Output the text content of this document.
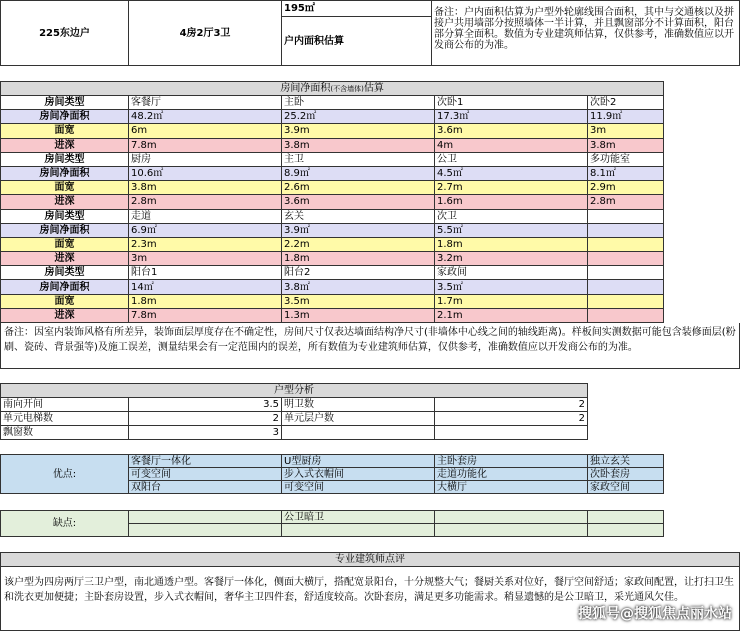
225东边户	4房2厅3卫	195㎡	备注：户内面积估算为户型外轮廓线围合面积，其中与交通核以及拼接户共用墙部分按照墙体一半计算，并且飘窗部分不计算面积，阳台部分算全面积。数值为专业建筑师估算，仅供参考，准确数值应以开发商公布的为准。
户内面积估算
房间净面积(不含墙体)估算					
房间类型	客餐厅	主卧	次卧1	次卧2	
房间净面积	48.2㎡	25.2㎡	17.3㎡	11.9㎡	
面宽	6m	3.9m	3.6m	3m	
进深	7.8m	3.8m	4m	3.8m	
房间类型	厨房	主卫	公卫	多功能室	
房间净面积	10.6㎡	8.9㎡	4.5㎡	8.1㎡	
面宽	3.8m	2.6m	2.7m	2.9m	
进深	2.8m	3.6m	1.6m	2.8m	
房间类型	走道	玄关	次卫		
房间净面积	6.9㎡	3.9㎡	5.5㎡		
面宽	2.3m	2.2m	1.8m		
进深	3m	1.8m	3.2m		
房间类型	阳台1	阳台2	家政间		
房间净面积	14㎡	3.8㎡	3.5㎡		
面宽	1.8m	3.5m	1.7m		
进深	7.8m	1.3m	2.1m		
备注：因室内装饰风格有所差异，装饰面层厚度存在不确定性，房间尺寸仅表达墙面结构净尺寸(非墙体中心线之间的轴线距离)。样板间实测数据可能包含装修面层(粉刷、瓷砖、背景强等)及施工误差，测量结果会有一定范围内的误差，所有数值为专业建筑师估算，仅供参考，准确数值应以开发商公布的为准。
户型分析			
南向开间	3.5	明卫数	2
单元电梯数	2	单元层户数	2
飘窗数	3		
优点:	客餐厅一体化	U型厨房	主卧套房	独立玄关	
	可变空间	步入式衣帽间	走道功能化	次卧套房	
	双阳台	可变空间	大横厅	家政空间	
缺点:		公卫暗卫			

专业建筑师点评
该户型为四房两厅三卫户型，南北通透户型。客餐厅一体化，侧面大横厅，搭配宽景阳台，十分规整大气；餐厨关系对位好，餐厅空间舒适；家政间配置，让打扫卫生和洗衣更加便捷；主卧套房设置，步入式衣帽间，奢华主卫四件套，舒适度较高。次卧套房，满足更多功能需求。稍显遗憾的是公卫暗卫，采光通风欠佳。
搜狐号@搜狐焦点丽水站
